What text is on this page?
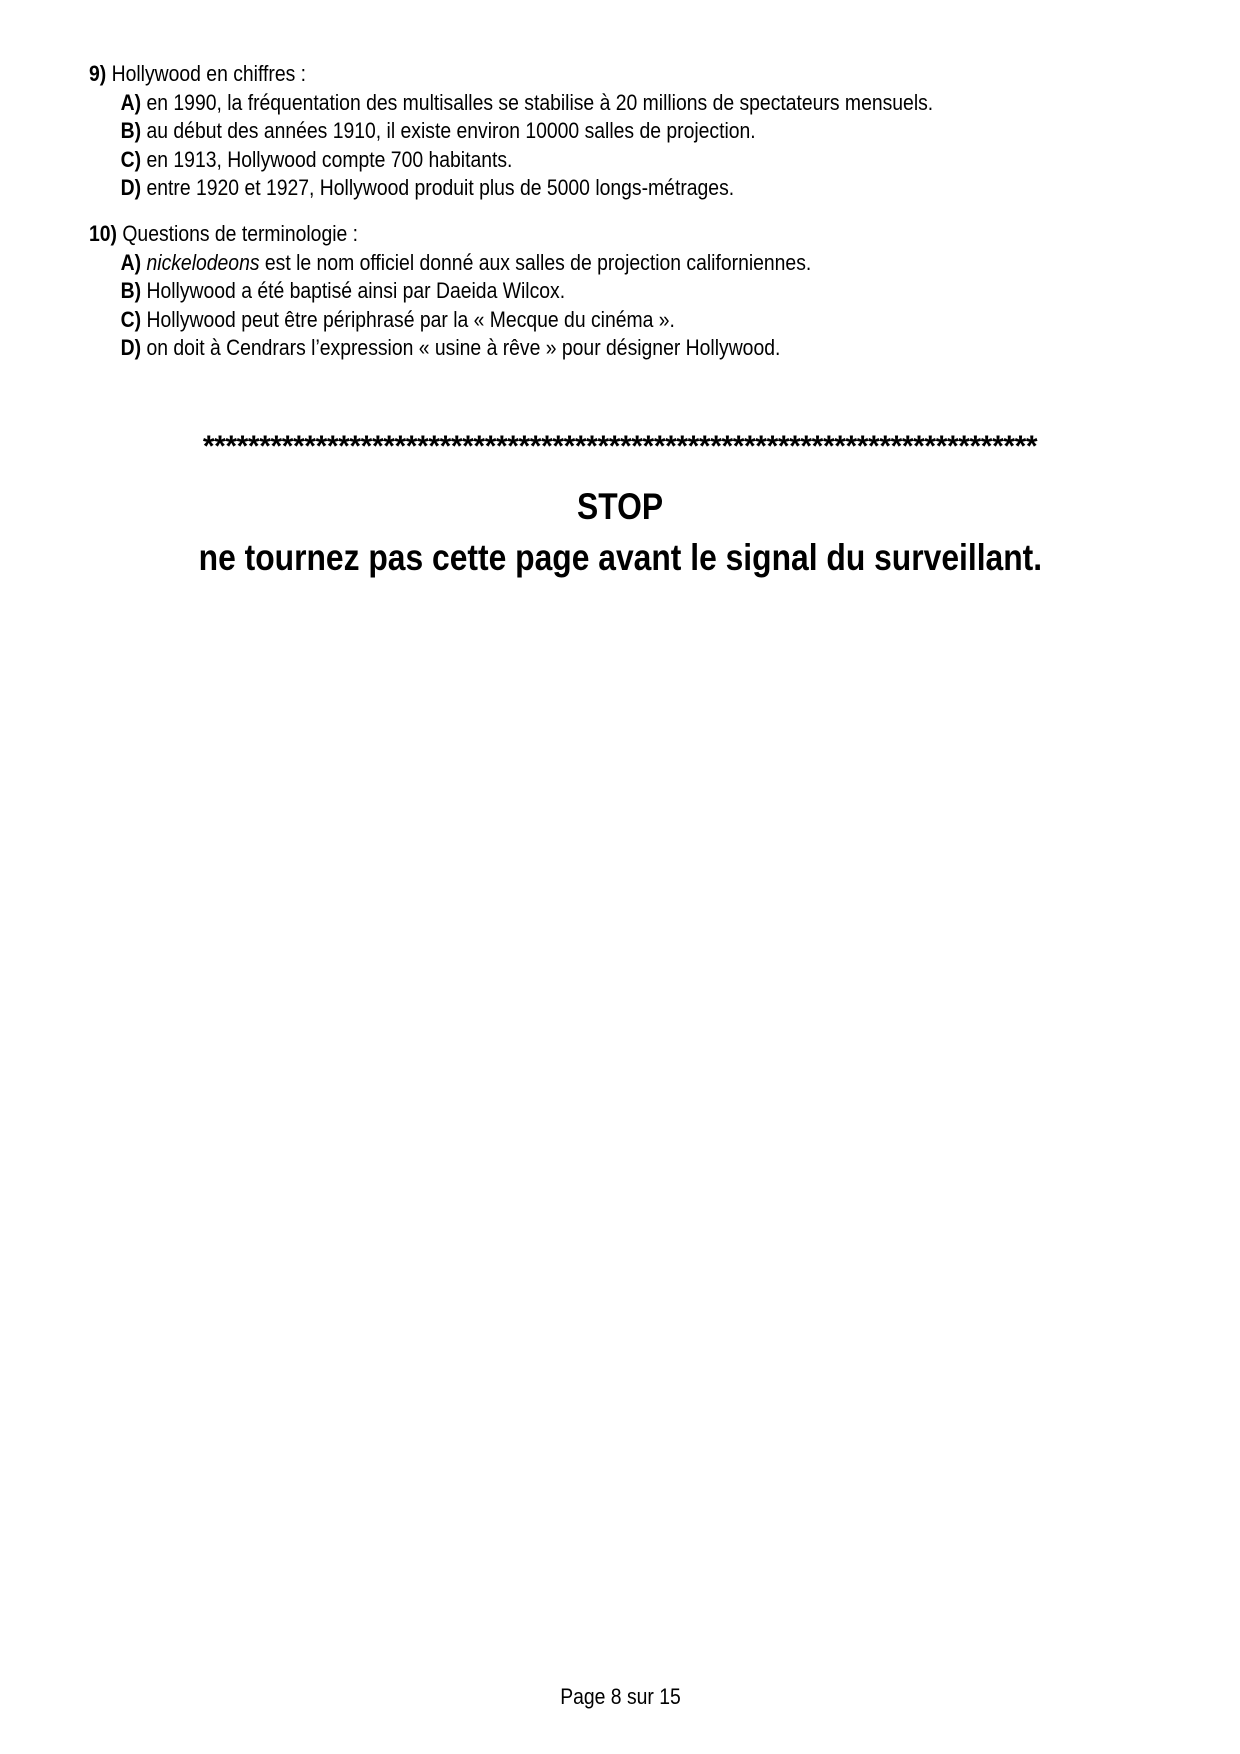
9) Hollywood en chiffres :
A) en 1990, la fréquentation des multisalles se stabilise à 20 millions de spectateurs mensuels.
B) au début des années 1910, il existe environ 10000 salles de projection.
C) en 1913, Hollywood compte 700 habitants.
D) entre 1920 et 1927, Hollywood produit plus de 5000 longs-métrages.
10) Questions de terminologie :
A) nickelodeons est le nom officiel donné aux salles de projection californiennes.
B) Hollywood a été baptisé ainsi par Daeida Wilcox.
C) Hollywood peut être périphrasé par la « Mecque du cinéma ».
D) on doit à Cendrars l’expression « usine à rêve » pour désigner Hollywood.
**************************************************************************
STOP
ne tournez pas cette page avant le signal du surveillant.
Page 8 sur 15
